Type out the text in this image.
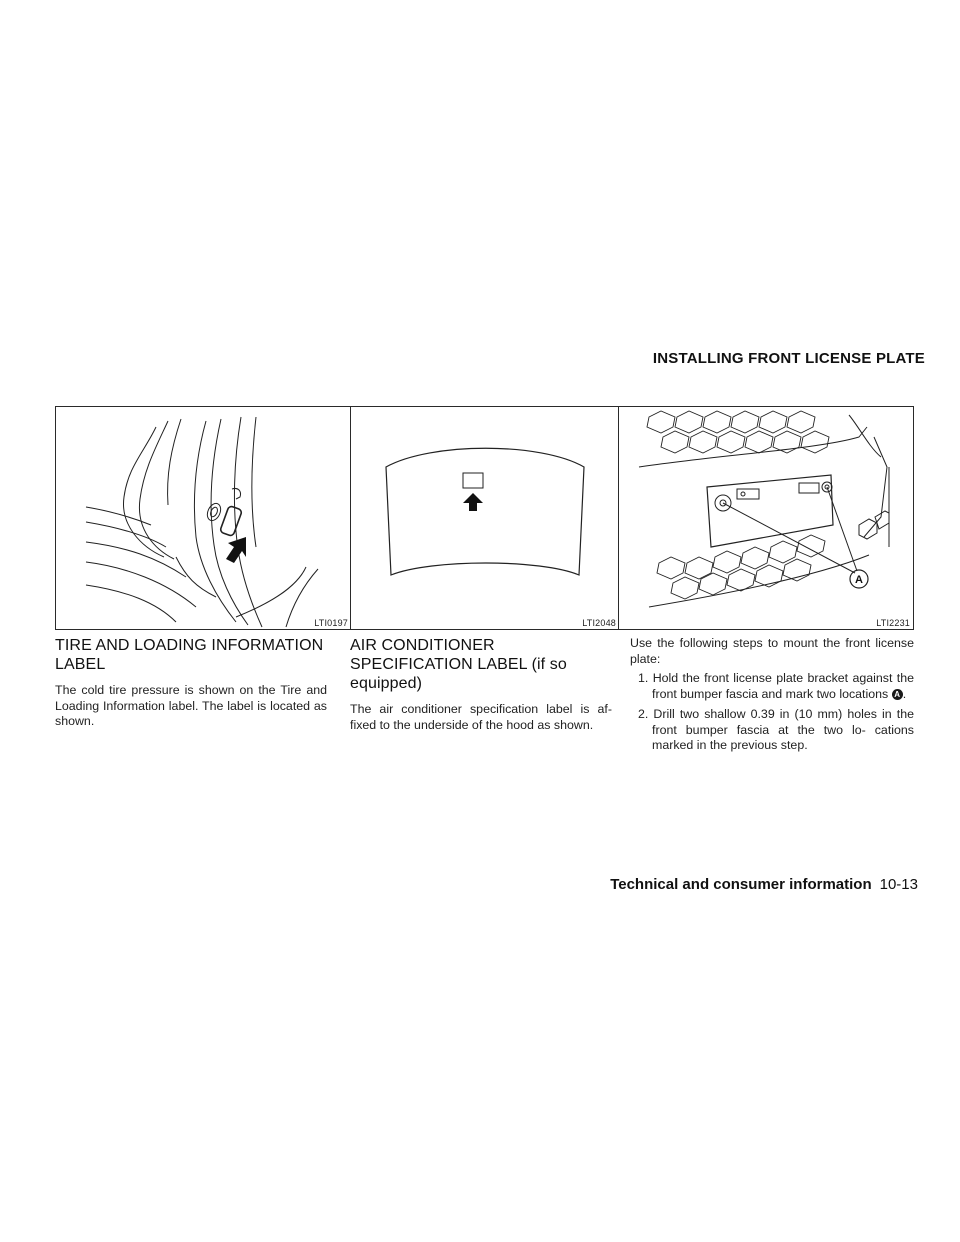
INSTALLING FRONT LICENSE PLATE
LTI0197	LTI2048
A
LTI2231
TIRE AND LOADING INFORMATION LABEL

The cold tire pressure is shown on the Tire and Loading Information label. The label is located as shown.

AIR CONDITIONER SPECIFICATION LABEL (if so equipped)

The air conditioner specification label is af- fixed to the underside of the hood as shown.

Use the following steps to mount the front license plate:

1. Hold the front license plate bracket against the front bumper fascia and mark two locations A .
2. Drill two shallow 0.39 in (10 mm) holes in the front bumper fascia at the two lo- cations marked in the previous step.
Technical and consumer information 10-13
